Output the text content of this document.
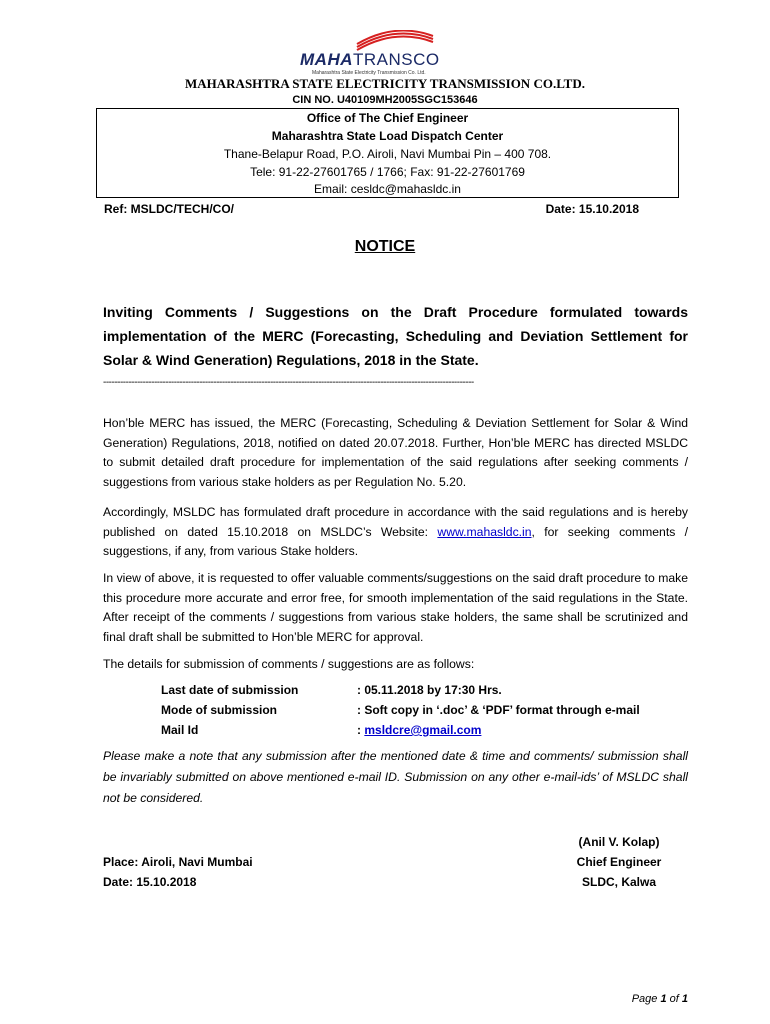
MAHATRANSCO
Maharashtra State Electricity Transmission Co. Ltd.
MAHARASHTRA STATE ELECTRICITY TRANSMISSION CO.LTD.
CIN NO. U40109MH2005SGC153646
Office of The Chief Engineer
Maharashtra State Load Dispatch Center
Thane-Belapur Road, P.O. Airoli, Navi Mumbai Pin – 400 708.
Tele: 91-22-27601765 / 1766; Fax: 91-22-27601769
Email: cesldc@mahasldc.in
Ref: MSLDC/TECH/CO/	Date: 15.10.2018
NOTICE
Inviting Comments / Suggestions on the Draft Procedure formulated towards implementation of the MERC (Forecasting, Scheduling and Deviation Settlement for Solar & Wind Generation) Regulations, 2018 in the State.
-----------------------------------------------------------------------------------------------------------------------------------
Hon’ble MERC has issued, the MERC (Forecasting, Scheduling & Deviation Settlement for Solar & Wind Generation) Regulations, 2018, notified on dated 20.07.2018. Further, Hon’ble MERC has directed MSLDC to submit detailed draft procedure for implementation of the said regulations after seeking comments / suggestions from various stake holders as per Regulation No. 5.20.
Accordingly, MSLDC has formulated draft procedure in accordance with the said regulations and is hereby published on dated 15.10.2018 on MSLDC’s Website: www.mahasldc.in, for seeking comments / suggestions, if any, from various Stake holders.
In view of above, it is requested to offer valuable comments/suggestions on the said draft procedure to make this procedure more accurate and error free, for smooth implementation of the said regulations in the State. After receipt of the comments / suggestions from various stake holders, the same shall be scrutinized and final draft shall be submitted to Hon’ble MERC for approval.
The details for submission of comments / suggestions are as follows:
Last date of submission	: 05.11.2018 by 17:30 Hrs.
Mode of submission	: Soft copy in ‘.doc’ & ‘PDF’ format through e-mail
Mail Id	: msldcre@gmail.com
Please make a note that any submission after the mentioned date & time and comments/ submission shall be invariably submitted on above mentioned e-mail ID. Submission on any other e-mail-ids’ of MSLDC shall not be considered.
(Anil V. Kolap)
Chief Engineer
SLDC, Kalwa
Place: Airoli, Navi Mumbai
Date: 15.10.2018
Page 1 of 1
